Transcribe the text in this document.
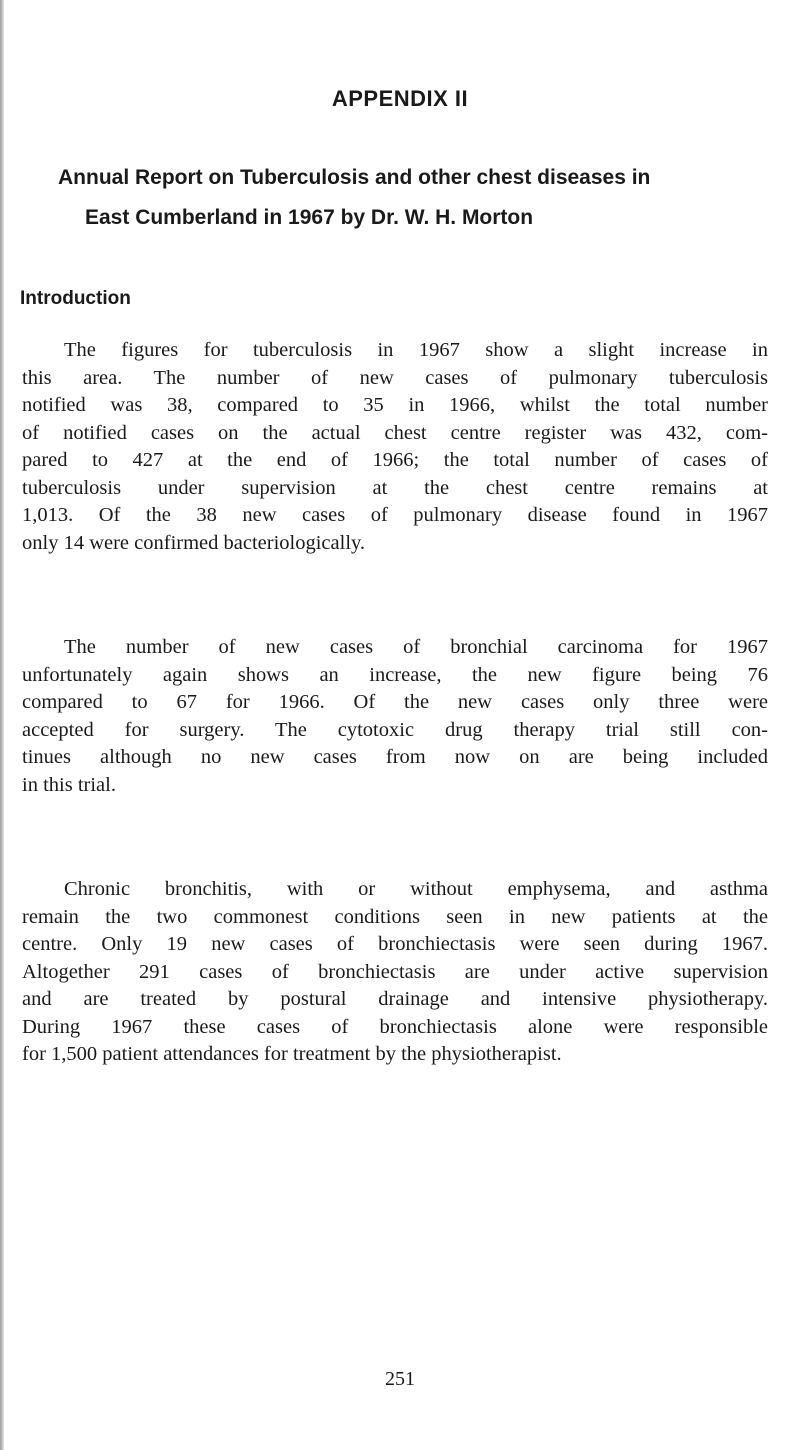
APPENDIX II
Annual Report on Tuberculosis and other chest diseases in
East Cumberland in 1967 by Dr. W. H. Morton
Introduction
The figures for tuberculosis in 1967 show a slight increase in
this area. The number of new cases of pulmonary tuberculosis
notified was 38, compared to 35 in 1966, whilst the total number
of notified cases on the actual chest centre register was 432, com-
pared to 427 at the end of 1966; the total number of cases of
tuberculosis under supervision at the chest centre remains at
1,013. Of the 38 new cases of pulmonary disease found in 1967
only 14 were confirmed bacteriologically.
The number of new cases of bronchial carcinoma for 1967
unfortunately again shows an increase, the new figure being 76
compared to 67 for 1966. Of the new cases only three were
accepted for surgery. The cytotoxic drug therapy trial still con-
tinues although no new cases from now on are being included
in this trial.
Chronic bronchitis, with or without emphysema, and asthma
remain the two commonest conditions seen in new patients at the
centre. Only 19 new cases of bronchiectasis were seen during 1967.
Altogether 291 cases of bronchiectasis are under active supervision
and are treated by postural drainage and intensive physiotherapy.
During 1967 these cases of bronchiectasis alone were responsible
for 1,500 patient attendances for treatment by the physiotherapist.
251
